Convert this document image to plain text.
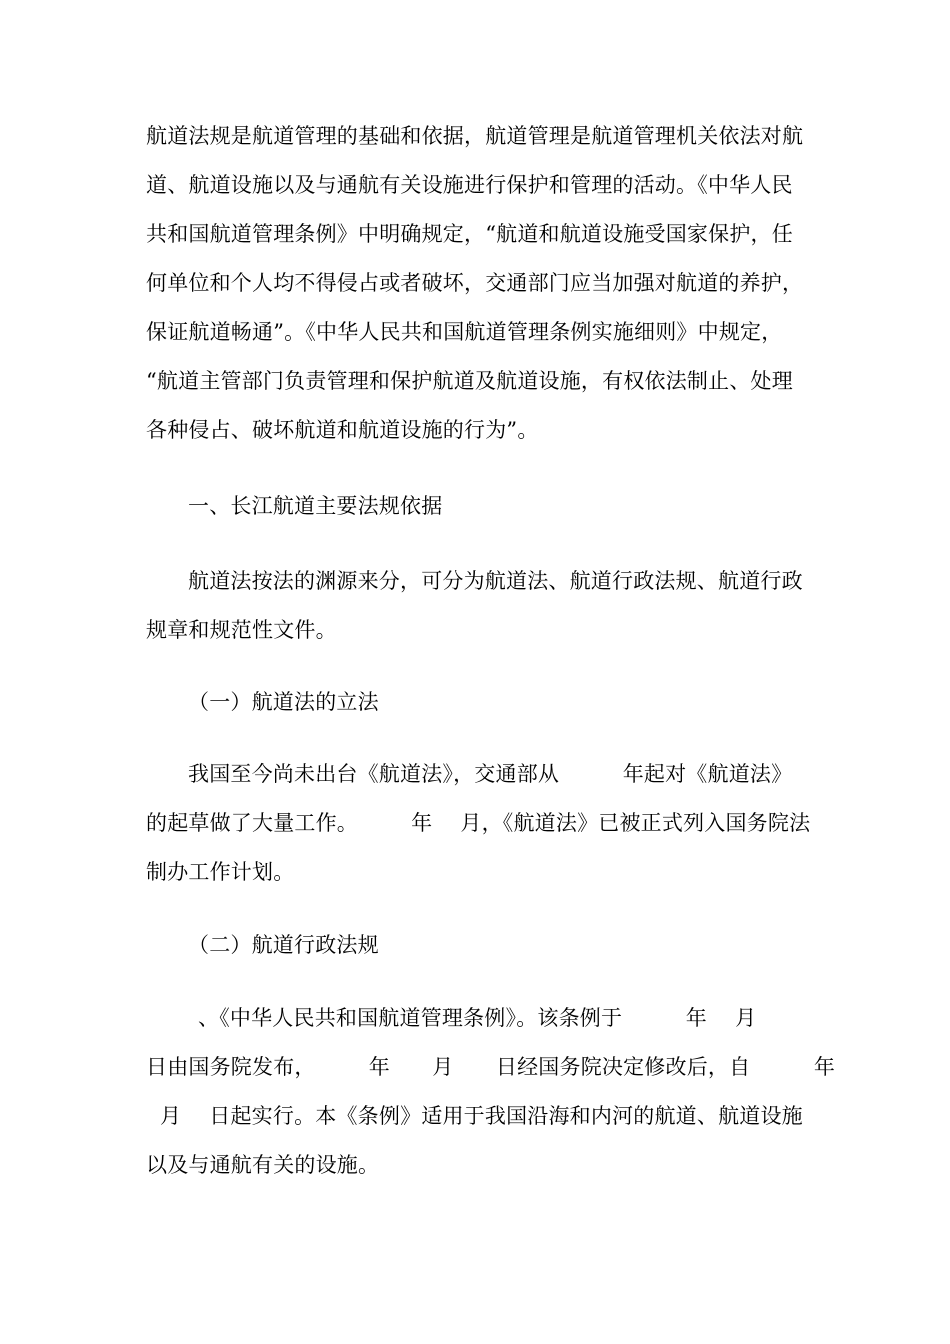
航道法规是航道管理的基础和依据，航道管理是航道管理机关依法对航
道、航道设施以及与通航有关设施进行保护和管理的活动。《中华人民
共和国航道管理条例》中明确规定，“航道和航道设施受国家保护，任
何单位和个人均不得侵占或者破坏，交通部门应当加强对航道的养护，
保证航道畅通”。《中华人民共和国航道管理条例实施细则》中规定，
“航道主管部门负责管理和保护航道及航道设施，有权依法制止、处理
各种侵占、破坏航道和航道设施的行为”。
一、长江航道主要法规依据
航道法按法的渊源来分，可分为航道法、航道行政法规、航道行政
规章和规范性文件。
（一）航道法的立法
我国至今尚未出台《航道法》，交通部从　　　年起对《航道法》
的起草做了大量工作。　　　年　 月，《航道法》已被正式列入国务院法
制办工作计划。
（二）航道行政法规
、《中华人民共和国航道管理条例》。该条例于　　　年　 月
日由国务院发布，　　　年　　月　　日经国务院决定修改后，自　　　年
月　 日起实行。本《条例》适用于我国沿海和内河的航道、航道设施
以及与通航有关的设施。
